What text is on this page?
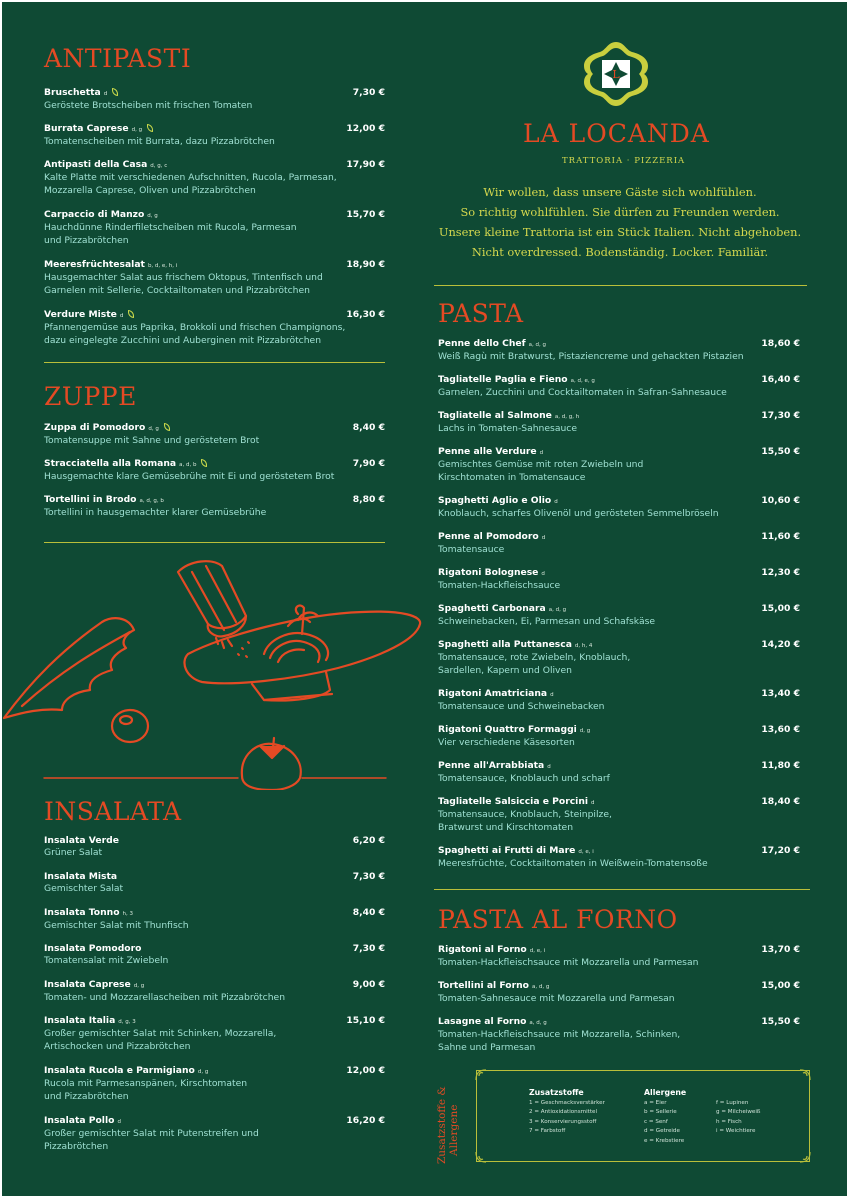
ANTIPASTI
Bruschetta d	7,30 €
Geröstete Brotscheiben mit frischen Tomaten
Burrata Caprese d, g	12,00 €
Tomatenscheiben mit Burrata, dazu Pizzabrötchen
Antipasti della Casa d, g, c	17,90 €
Kalte Platte mit verschiedenen Aufschnitten, Rucola, Parmesan,
Mozzarella Caprese, Oliven und Pizzabrötchen
Carpaccio di Manzo d, g	15,70 €
Hauchdünne Rinderfiletscheiben mit Rucola, Parmesan
und Pizzabrötchen
Meeresfrüchtesalat b, d, e, h, i	18,90 €
Hausgemachter Salat aus frischem Oktopus, Tintenfisch und
Garnelen mit Sellerie, Cocktailtomaten und Pizzabrötchen
Verdure Miste d	16,30 €
Pfannengemüse aus Paprika, Brokkoli und frischen Champignons,
dazu eingelegte Zucchini und Auberginen mit Pizzabrötchen
ZUPPE
Zuppa di Pomodoro d, g	8,40 €
Tomatensuppe mit Sahne und geröstetem Brot
Stracciatella alla Romana a, d, b	7,90 €
Hausgemachte klare Gemüsebrühe mit Ei und geröstetem Brot
Tortellini in Brodo a, d, g, b	8,80 €
Tortellini in hausgemachter klarer Gemüsebrühe
INSALATA
Insalata Verde	6,20 €
Grüner Salat
Insalata Mista	7,30 €
Gemischter Salat
Insalata Tonno h, 3	8,40 €
Gemischter Salat mit Thunfisch
Insalata Pomodoro	7,30 €
Tomatensalat mit Zwiebeln
Insalata Caprese d, g	9,00 €
Tomaten- und Mozzarellascheiben mit Pizzabrötchen
Insalata Italia d, g, 3	15,10 €
Großer gemischter Salat mit Schinken, Mozzarella,
Artischocken und Pizzabrötchen
Insalata Rucola e Parmigiano d, g	12,00 €
Rucola mit Parmesanspänen, Kirschtomaten
und Pizzabrötchen
Insalata Pollo d	16,20 €
Großer gemischter Salat mit Putenstreifen und
Pizzabrötchen
L
LA LOCANDA
TRATTORIA · PIZZERIA
Wir wollen, dass unsere Gäste sich wohlfühlen.
So richtig wohlfühlen. Sie dürfen zu Freunden werden.
Unsere kleine Trattoria ist ein Stück Italien. Nicht abgehoben.
Nicht overdressed. Bodenständig. Locker. Familiär.
PASTA
Penne dello Chef a, d, g	18,60 €
Weiß Ragù mit Bratwurst, Pistaziencreme und gehackten Pistazien
Tagliatelle Paglia e Fieno a, d, e, g	16,40 €
Garnelen, Zucchini und Cocktailtomaten in Safran-Sahnesauce
Tagliatelle al Salmone a, d, g, h	17,30 €
Lachs in Tomaten-Sahnesauce
Penne alle Verdure d	15,50 €
Gemischtes Gemüse mit roten Zwiebeln und
Kirschtomaten in Tomatensauce
Spaghetti Aglio e Olio d	10,60 €
Knoblauch, scharfes Olivenöl und gerösteten Semmelbröseln
Penne al Pomodoro d	11,60 €
Tomatensauce
Rigatoni Bolognese d	12,30 €
Tomaten-Hackfleischsauce
Spaghetti Carbonara a, d, g	15,00 €
Schweinebacken, Ei, Parmesan und Schafskäse
Spaghetti alla Puttanesca d, h, 4	14,20 €
Tomatensauce, rote Zwiebeln, Knoblauch,
Sardellen, Kapern und Oliven
Rigatoni Amatriciana d	13,40 €
Tomatensauce und Schweinebacken
Rigatoni Quattro Formaggi d, g	13,60 €
Vier verschiedene Käsesorten
Penne all'Arrabbiata d	11,80 €
Tomatensauce, Knoblauch und scharf
Tagliatelle Salsiccia e Porcini d	18,40 €
Tomatensauce, Knoblauch, Steinpilze,
Bratwurst und Kirschtomaten
Spaghetti ai Frutti di Mare d, e, i	17,20 €
Meeresfrüchte, Cocktailtomaten in Weißwein-Tomatensoße
PASTA AL FORNO
Rigatoni al Forno d, e, i	13,70 €
Tomaten-Hackfleischsauce mit Mozzarella und Parmesan
Tortellini al Forno a, d, g	15,00 €
Tomaten-Sahnesauce mit Mozzarella und Parmesan
Lasagne al Forno a, d, g	15,50 €
Tomaten-Hackfleischsauce mit Mozzarella, Schinken,
Sahne und Parmesan
Zusatzstoffe & Allergene
Zusatzstoffe
1 = Geschmacksverstärker
2 = Antioxidationsmittel
3 = Konservierungsstoff
7 = Farbstoff
Allergene
a = Eier
b = Sellerie
c = Senf
d = Getreide
e = Krebstiere
f = Lupinen
g = Milcheiweiß
h = Fisch
i = Weichtiere
